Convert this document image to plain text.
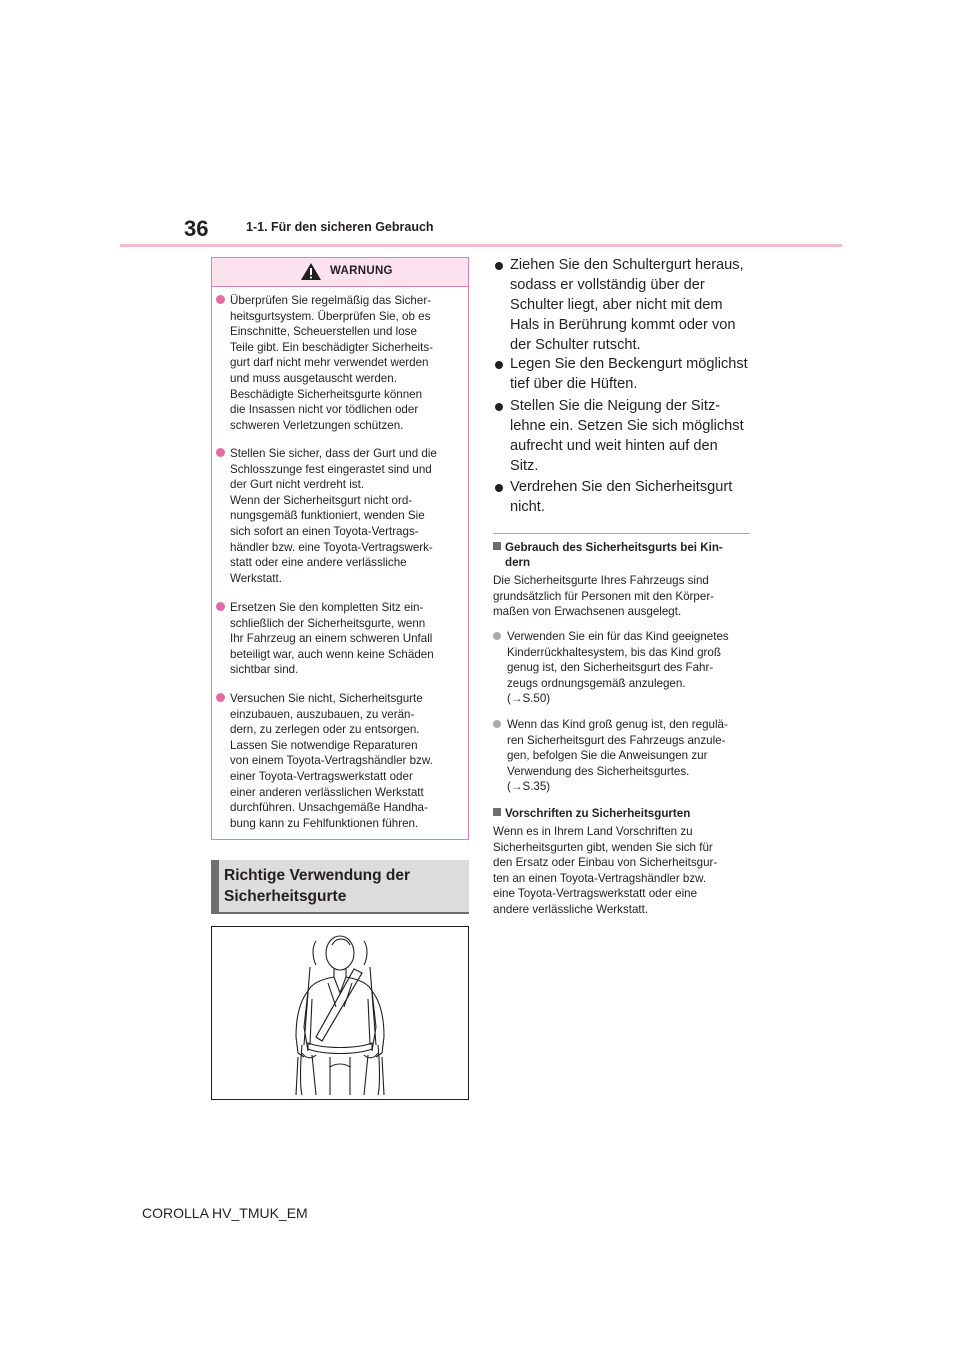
36	1-1. Für den sicheren Gebrauch
WARNUNG
Überprüfen Sie regelmäßig das Sicher-
heitsgurtsystem. Überprüfen Sie, ob es
Einschnitte, Scheuerstellen und lose
Teile gibt. Ein beschädigter Sicherheits-
gurt darf nicht mehr verwendet werden
und muss ausgetauscht werden.
Beschädigte Sicherheitsgurte können
die Insassen nicht vor tödlichen oder
schweren Verletzungen schützen.
Stellen Sie sicher, dass der Gurt und die
Schlosszunge fest eingerastet sind und
der Gurt nicht verdreht ist.
Wenn der Sicherheitsgurt nicht ord-
nungsgemäß funktioniert, wenden Sie
sich sofort an einen Toyota-Vertrags-
händler bzw. eine Toyota-Vertragswerk-
statt oder eine andere verlässliche
Werkstatt.
Ersetzen Sie den kompletten Sitz ein-
schließlich der Sicherheitsgurte, wenn
Ihr Fahrzeug an einem schweren Unfall
beteiligt war, auch wenn keine Schäden
sichtbar sind.
Versuchen Sie nicht, Sicherheitsgurte
einzubauen, auszubauen, zu verän-
dern, zu zerlegen oder zu entsorgen.
Lassen Sie notwendige Reparaturen
von einem Toyota-Vertragshändler bzw.
einer Toyota-Vertragswerkstatt oder
einer anderen verlässlichen Werkstatt
durchführen. Unsachgemäße Handha-
bung kann zu Fehlfunktionen führen.
Richtige Verwendung der
Sicherheitsgurte
Ziehen Sie den Schultergurt heraus,
sodass er vollständig über der
Schulter liegt, aber nicht mit dem
Hals in Berührung kommt oder von
der Schulter rutscht.
Legen Sie den Beckengurt möglichst
tief über die Hüften.
Stellen Sie die Neigung der Sitz-
lehne ein. Setzen Sie sich möglichst
aufrecht und weit hinten auf den
Sitz.
Verdrehen Sie den Sicherheitsgurt
nicht.
Gebrauch des Sicherheitsgurts bei Kin-
dern
Die Sicherheitsgurte Ihres Fahrzeugs sind
grundsätzlich für Personen mit den Körper-
maßen von Erwachsenen ausgelegt.
Verwenden Sie ein für das Kind geeignetes
Kinderrückhaltesystem, bis das Kind groß
genug ist, den Sicherheitsgurt des Fahr-
zeugs ordnungsgemäß anzulegen.
(→S.50)
Wenn das Kind groß genug ist, den regulä-
ren Sicherheitsgurt des Fahrzeugs anzule-
gen, befolgen Sie die Anweisungen zur
Verwendung des Sicherheitsgurtes.
(→S.35)
Vorschriften zu Sicherheitsgurten
Wenn es in Ihrem Land Vorschriften zu
Sicherheitsgurten gibt, wenden Sie sich für
den Ersatz oder Einbau von Sicherheitsgur-
ten an einen Toyota-Vertragshändler bzw.
eine Toyota-Vertragswerkstatt oder eine
andere verlässliche Werkstatt.
COROLLA HV_TMUK_EM
